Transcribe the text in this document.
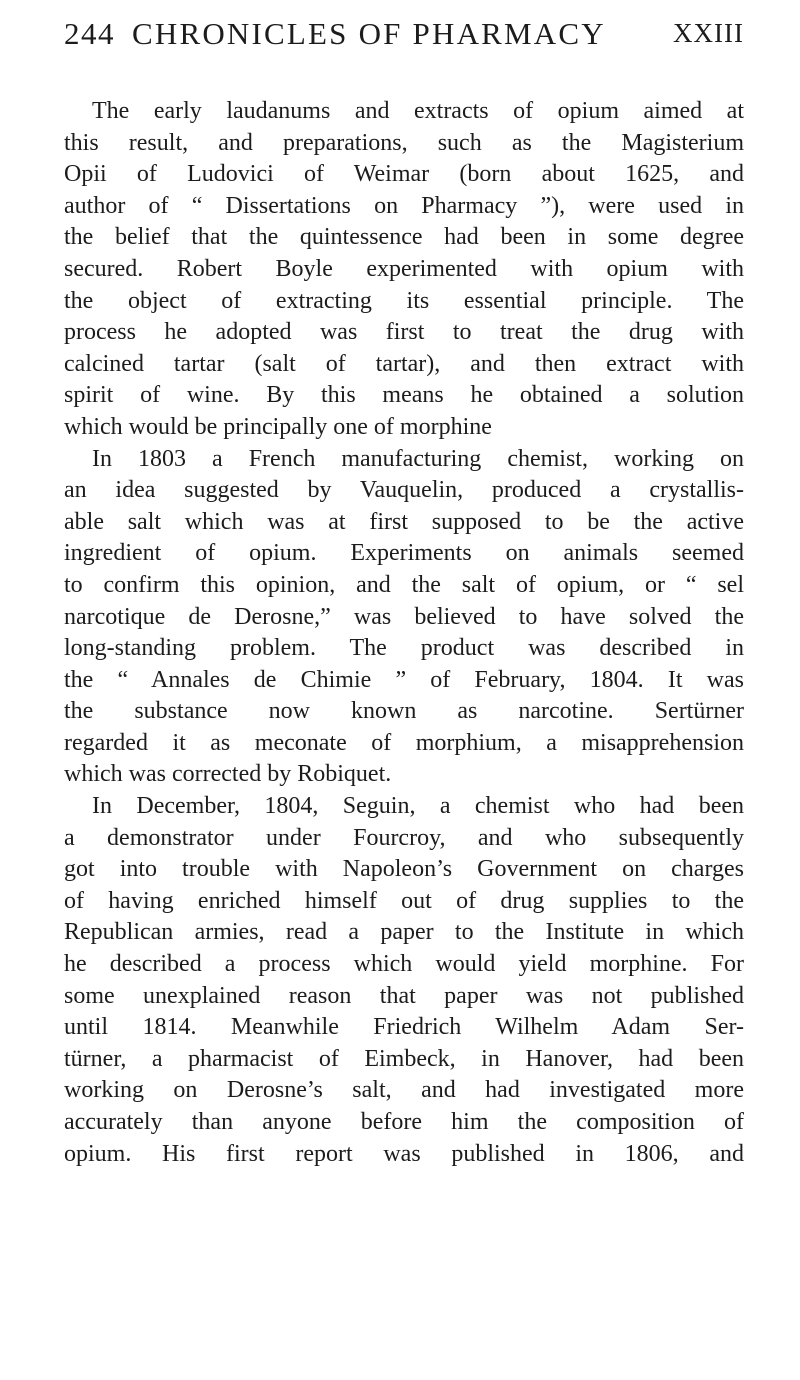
244 CHRONICLES OF PHARMACY XXIII

The early laudanums and extracts of opium aimed at
this result, and preparations, such as the Magisterium
Opii of Ludovici of Weimar (born about 1625, and
author of “ Dissertations on Pharmacy ”), were used in
the belief that the quintessence had been in some degree
secured. Robert Boyle experimented with opium with
the object of extracting its essential principle. The
process he adopted was first to treat the drug with
calcined tartar (salt of tartar), and then extract with
spirit of wine. By this means he obtained a solution
which would be principally one of morphine

In 1803 a French manufacturing chemist, working on
an idea suggested by Vauquelin, produced a crystallis-
able salt which was at first supposed to be the active
ingredient of opium. Experiments on animals seemed
to confirm this opinion, and the salt of opium, or “ sel
narcotique de Derosne,” was believed to have solved the
long-standing problem. The product was described in
the “ Annales de Chimie ” of February, 1804. It was
the substance now known as narcotine. Sertürner
regarded it as meconate of morphium, a misapprehension
which was corrected by Robiquet.

In December, 1804, Seguin, a chemist who had been
a demonstrator under Fourcroy, and who subsequently
got into trouble with Napoleon’s Government on charges
of having enriched himself out of drug supplies to the
Republican armies, read a paper to the Institute in which
he described a process which would yield morphine. For
some unexplained reason that paper was not published
until 1814. Meanwhile Friedrich Wilhelm Adam Ser-
türner, a pharmacist of Eimbeck, in Hanover, had been
working on Derosne’s salt, and had investigated more
accurately than anyone before him the composition of
opium. His first report was published in 1806, and
